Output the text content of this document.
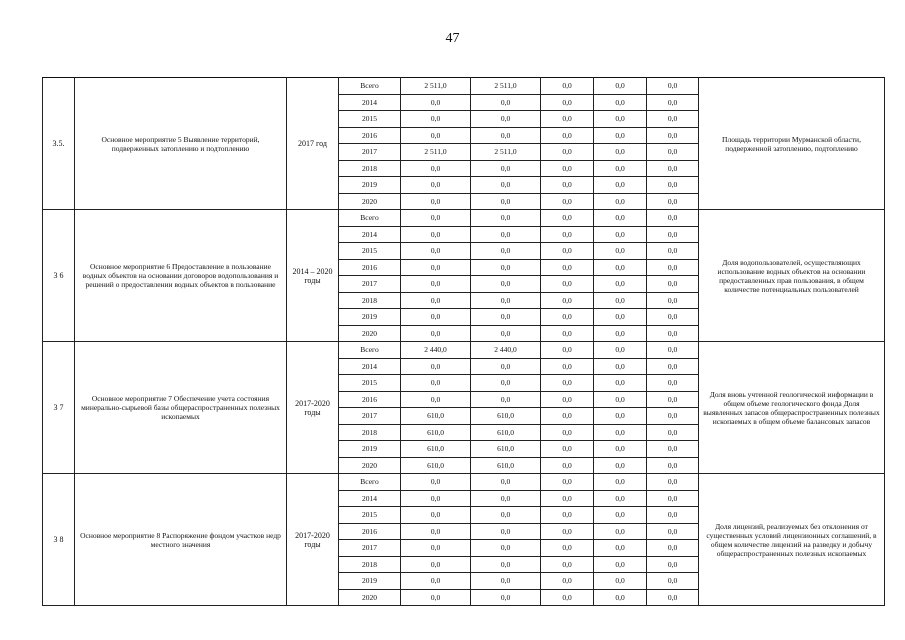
47
3.5.	Основное мероприятие 5 Выявление территорий, подверженных затоплению и подтоплению	2017 год	Всего	2 511,0	2 511,0	0,0	0,0	0,0	Площадь территории Мурманской области, подверженной затоплению, подтоплению
			2014	0,0	0,0	0,0	0,0	0,0	
			2015	0,0	0,0	0,0	0,0	0,0	
			2016	0,0	0,0	0,0	0,0	0,0	
			2017	2 511,0	2 511,0	0,0	0,0	0,0	
			2018	0,0	0,0	0,0	0,0	0,0	
			2019	0,0	0,0	0,0	0,0	0,0	
			2020	0,0	0,0	0,0	0,0	0,0	
3 6	Основное мероприятие 6 Предоставление в пользование водных объектов на основании договоров водопользования и решений о предоставлении водных объектов в пользование	2014 – 2020 годы	Всего	0,0	0,0	0,0	0,0	0,0	Доля водопользователей, осуществляющих использование водных объектов на основании предоставленных прав пользования, в общем количестве потенциальных пользователей
			2014	0,0	0,0	0,0	0,0	0,0	
			2015	0,0	0,0	0,0	0,0	0,0	
			2016	0,0	0,0	0,0	0,0	0,0	
			2017	0,0	0,0	0,0	0,0	0,0	
			2018	0,0	0,0	0,0	0,0	0,0	
			2019	0,0	0,0	0,0	0,0	0,0	
			2020	0,0	0,0	0,0	0,0	0,0	
3 7	Основное мероприятие 7 Обеспечение учета состояния минерально-сырьевой базы общераспространенных полезных ископаемых	2017-2020 годы	Всего	2 440,0	2 440,0	0,0	0,0	0,0	Доля вновь учтенной геологической информации в общем объеме геологического фонда Доля выявленных запасов общераспространенных полезных ископаемых в общем объеме балансовых запасов
			2014	0,0	0,0	0,0	0,0	0,0	
			2015	0,0	0,0	0,0	0,0	0,0	
			2016	0,0	0,0	0,0	0,0	0,0	
			2017	610,0	610,0	0,0	0,0	0,0	
			2018	610,0	610,0	0,0	0,0	0,0	
			2019	610,0	610,0	0,0	0,0	0,0	
			2020	610,0	610,0	0,0	0,0	0,0	
3 8	Основное мероприятие 8 Распоряжение фондом участков недр местного значения	2017-2020 годы	Всего	0,0	0,0	0,0	0,0	0,0	Доля лицензий, реализуемых без отклонения от существенных условий лицензионных соглашений, в общем количестве лицензий на разведку и добычу общераспространенных полезных ископаемых
			2014	0,0	0,0	0,0	0,0	0,0	
			2015	0,0	0,0	0,0	0,0	0,0	
			2016	0,0	0,0	0,0	0,0	0,0	
			2017	0,0	0,0	0,0	0,0	0,0	
			2018	0,0	0,0	0,0	0,0	0,0	
			2019	0,0	0,0	0,0	0,0	0,0	
			2020	0,0	0,0	0,0	0,0	0,0	
